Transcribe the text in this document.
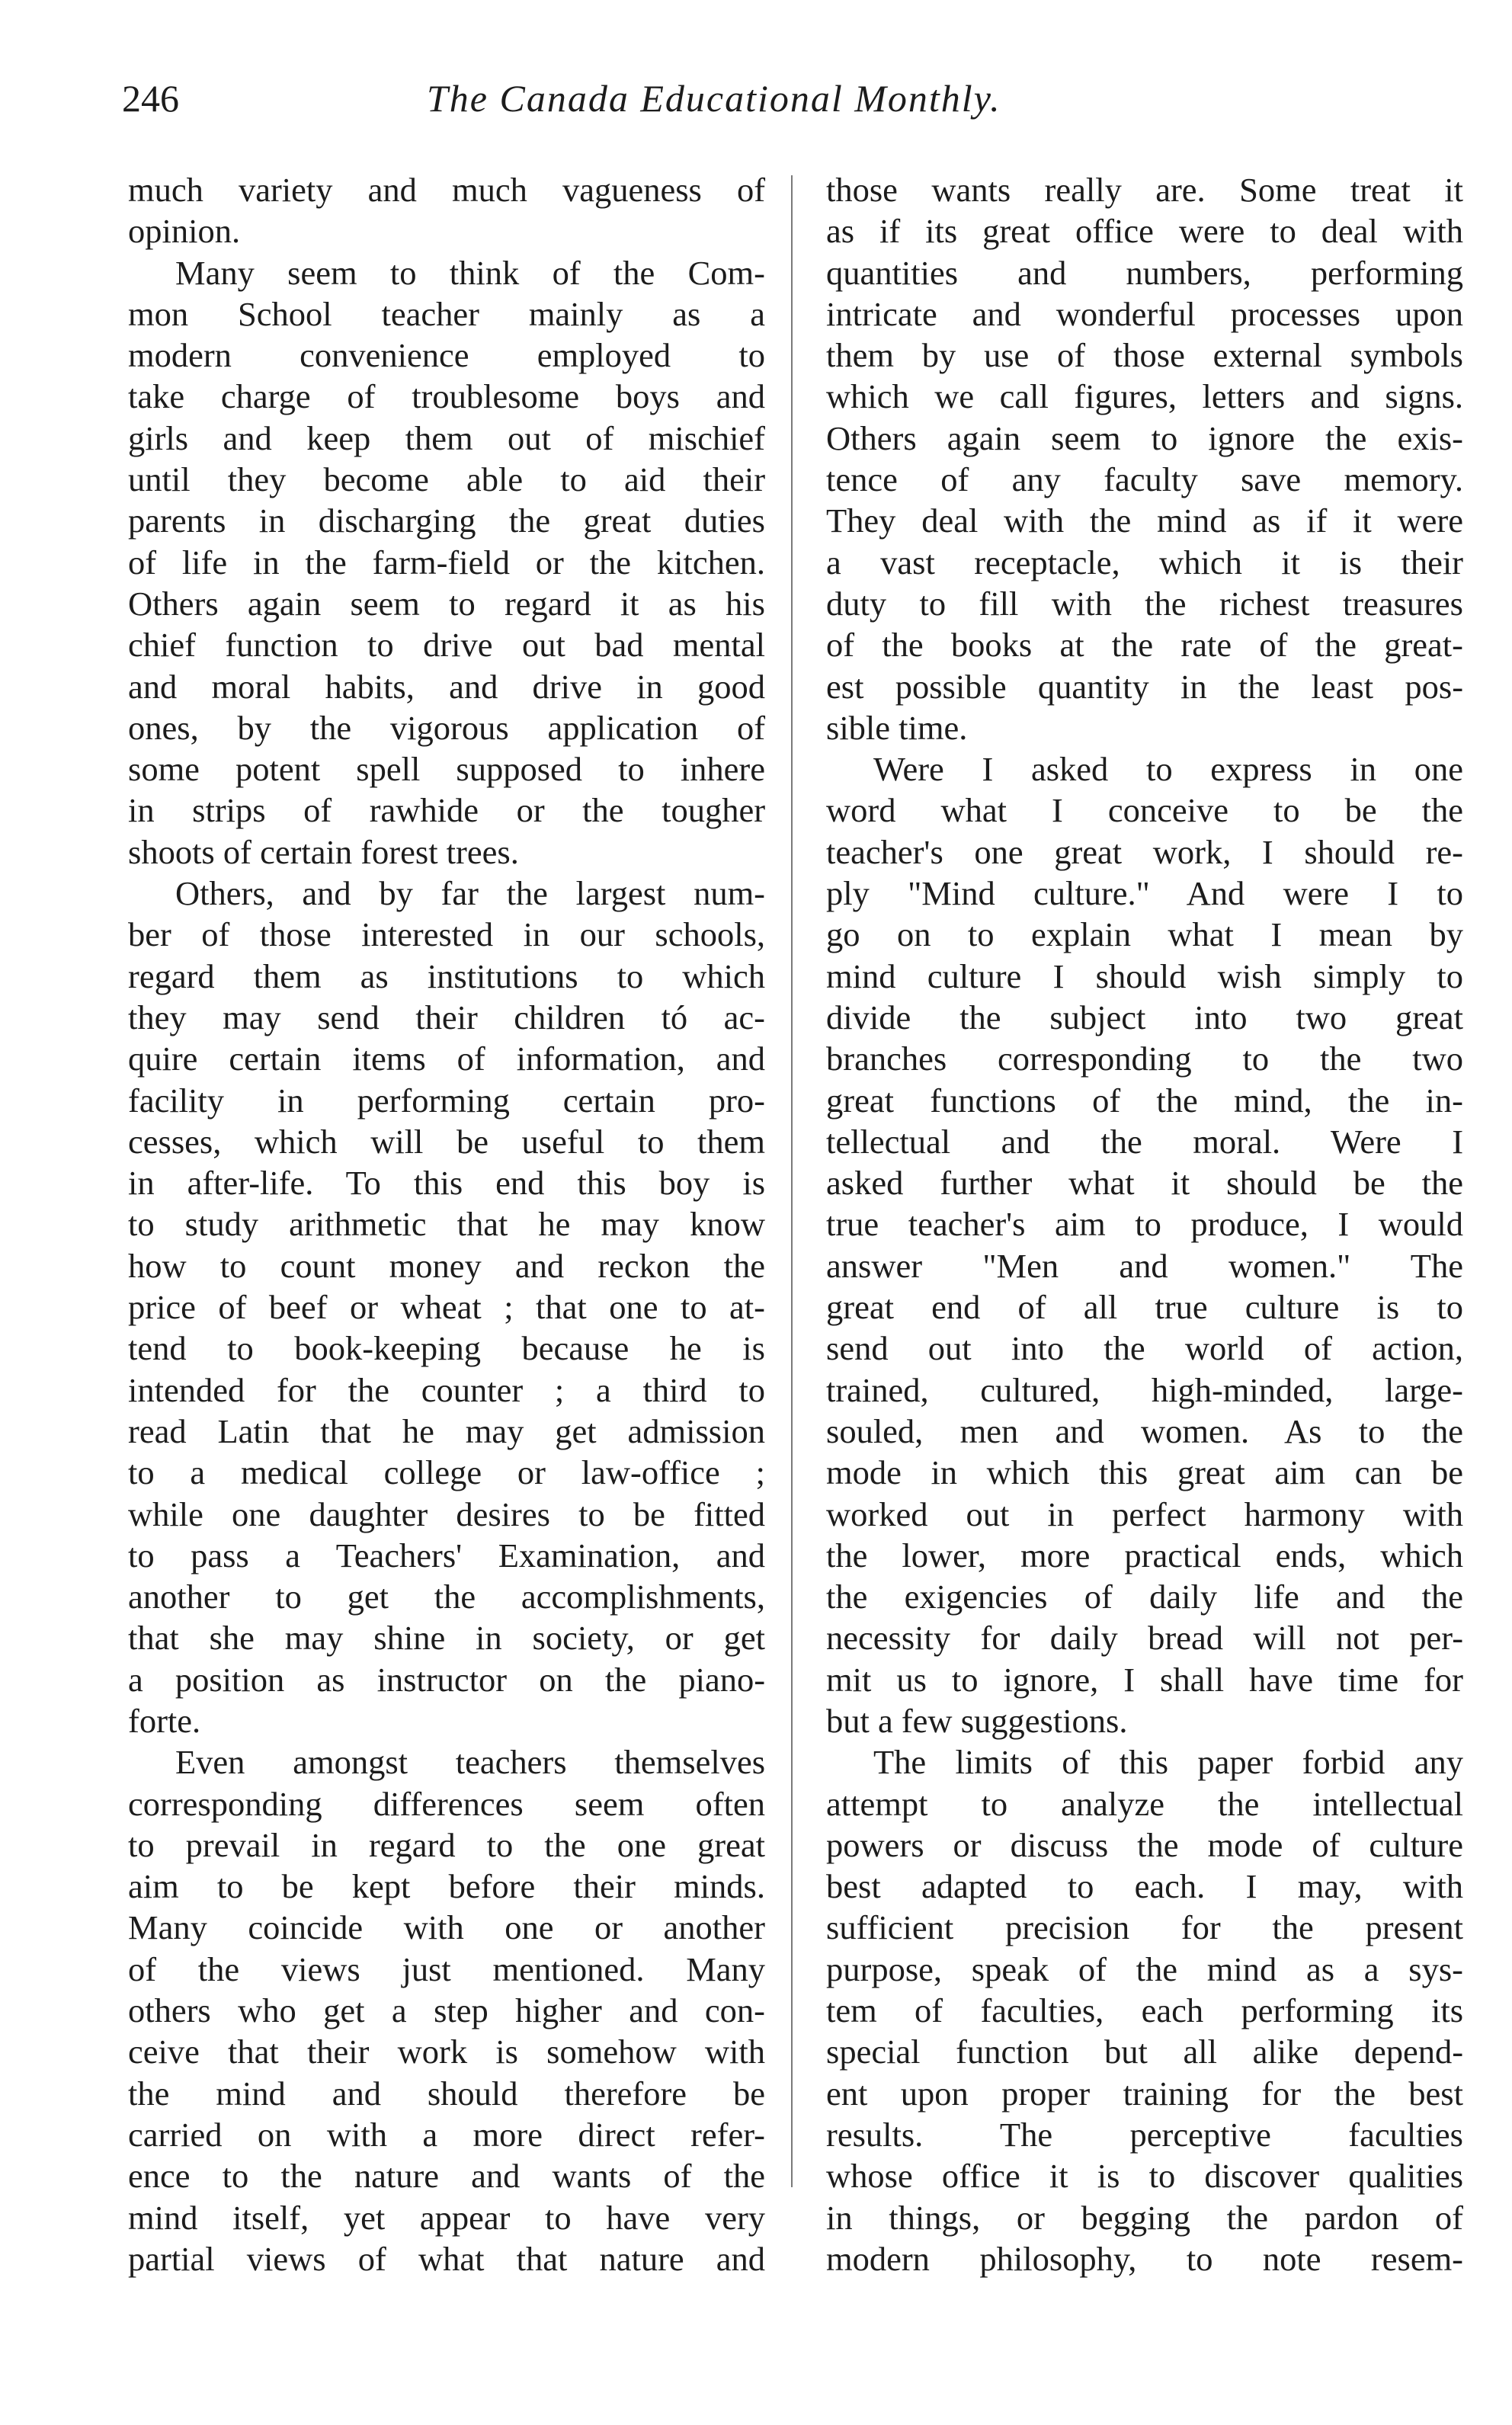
246	The Canada Educational Monthly.
much variety and much vagueness of
opinion.
Many seem to think of the Com-
mon School teacher mainly as a
modern convenience employed to
take charge of troublesome boys and
girls and keep them out of mischief
until they become able to aid their
parents in discharging the great duties
of life in the farm-field or the kitchen.
Others again seem to regard it as his
chief function to drive out bad mental
and moral habits, and drive in good
ones, by the vigorous application of
some potent spell supposed to inhere
in strips of rawhide or the tougher
shoots of certain forest trees.
Others, and by far the largest num-
ber of those interested in our schools,
regard them as institutions to which
they may send their children tó ac-
quire certain items of information, and
facility in performing certain pro-
cesses, which will be useful to them
in after-life. To this end this boy is
to study arithmetic that he may know
how to count money and reckon the
price of beef or wheat ; that one to at-
tend to book-keeping because he is
intended for the counter ; a third to
read Latin that he may get admission
to a medical college or law-office ;
while one daughter desires to be fitted
to pass a Teachers' Examination, and
another to get the accomplishments,
that she may shine in society, or get
a position as instructor on the piano-
forte.
Even amongst teachers themselves
corresponding differences seem often
to prevail in regard to the one great
aim to be kept before their minds.
Many coincide with one or another
of the views just mentioned. Many
others who get a step higher and con-
ceive that their work is somehow with
the mind and should therefore be
carried on with a more direct refer-
ence to the nature and wants of the
mind itself, yet appear to have very
partial views of what that nature and
those wants really are. Some treat it
as if its great office were to deal with
quantities and numbers, performing
intricate and wonderful processes upon
them by use of those external symbols
which we call figures, letters and signs.
Others again seem to ignore the exis-
tence of any faculty save memory.
They deal with the mind as if it were
a vast receptacle, which it is their
duty to fill with the richest treasures
of the books at the rate of the great-
est possible quantity in the least pos-
sible time.
Were I asked to express in one
word what I conceive to be the
teacher's one great work, I should re-
ply "Mind culture." And were I to
go on to explain what I mean by
mind culture I should wish simply to
divide the subject into two great
branches corresponding to the two
great functions of the mind, the in-
tellectual and the moral. Were I
asked further what it should be the
true teacher's aim to produce, I would
answer "Men and women." The
great end of all true culture is to
send out into the world of action,
trained, cultured, high-minded, large-
souled, men and women. As to the
mode in which this great aim can be
worked out in perfect harmony with
the lower, more practical ends, which
the exigencies of daily life and the
necessity for daily bread will not per-
mit us to ignore, I shall have time for
but a few suggestions.
The limits of this paper forbid any
attempt to analyze the intellectual
powers or discuss the mode of culture
best adapted to each. I may, with
sufficient precision for the present
purpose, speak of the mind as a sys-
tem of faculties, each performing its
special function but all alike depend-
ent upon proper training for the best
results. The perceptive faculties
whose office it is to discover qualities
in things, or begging the pardon of
modern philosophy, to note resem-
